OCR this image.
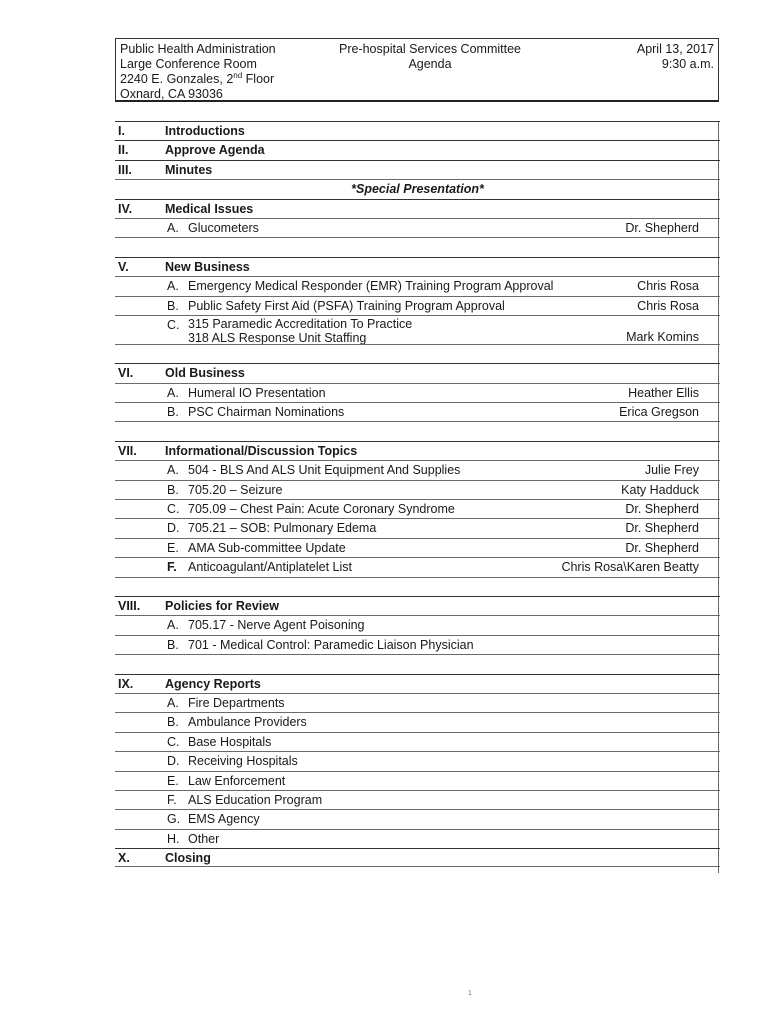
Public Health Administration
Large Conference Room
2240 E. Gonzales, 2nd Floor
Oxnard, CA 93036
Pre-hospital Services Committee
Agenda
April 13, 2017
9:30 a.m.
I.	Introductions
II.	Approve Agenda
III.	Minutes
*Special Presentation*
IV.	Medical Issues
A. Glucometers	Dr. Shepherd
V.	New Business
A. Emergency Medical Responder (EMR) Training Program Approval	Chris Rosa
B. Public Safety First Aid (PSFA) Training Program Approval	Chris Rosa
C. 315 Paramedic Accreditation To Practice
318 ALS Response Unit Staffing	Mark Komins
VI.	Old Business
A. Humeral IO Presentation	Heather Ellis
B. PSC Chairman Nominations	Erica Gregson
VII. Informational/Discussion Topics
A. 504 - BLS And ALS Unit Equipment And Supplies	Julie Frey
B. 705.20 – Seizure	Katy Hadduck
C. 705.09 – Chest Pain: Acute Coronary Syndrome	Dr. Shepherd
D. 705.21 – SOB: Pulmonary Edema	Dr. Shepherd
E. AMA Sub-committee Update	Dr. Shepherd
F. Anticoagulant/Antiplatelet List	Chris Rosa\Karen Beatty
VIII. Policies for Review
A. 705.17 - Nerve Agent Poisoning
B. 701 - Medical Control: Paramedic Liaison Physician
IX.	Agency Reports
A. Fire Departments
B. Ambulance Providers
C. Base Hospitals
D. Receiving Hospitals
E. Law Enforcement
F. ALS Education Program
G. EMS Agency
H. Other
X.	Closing
1
